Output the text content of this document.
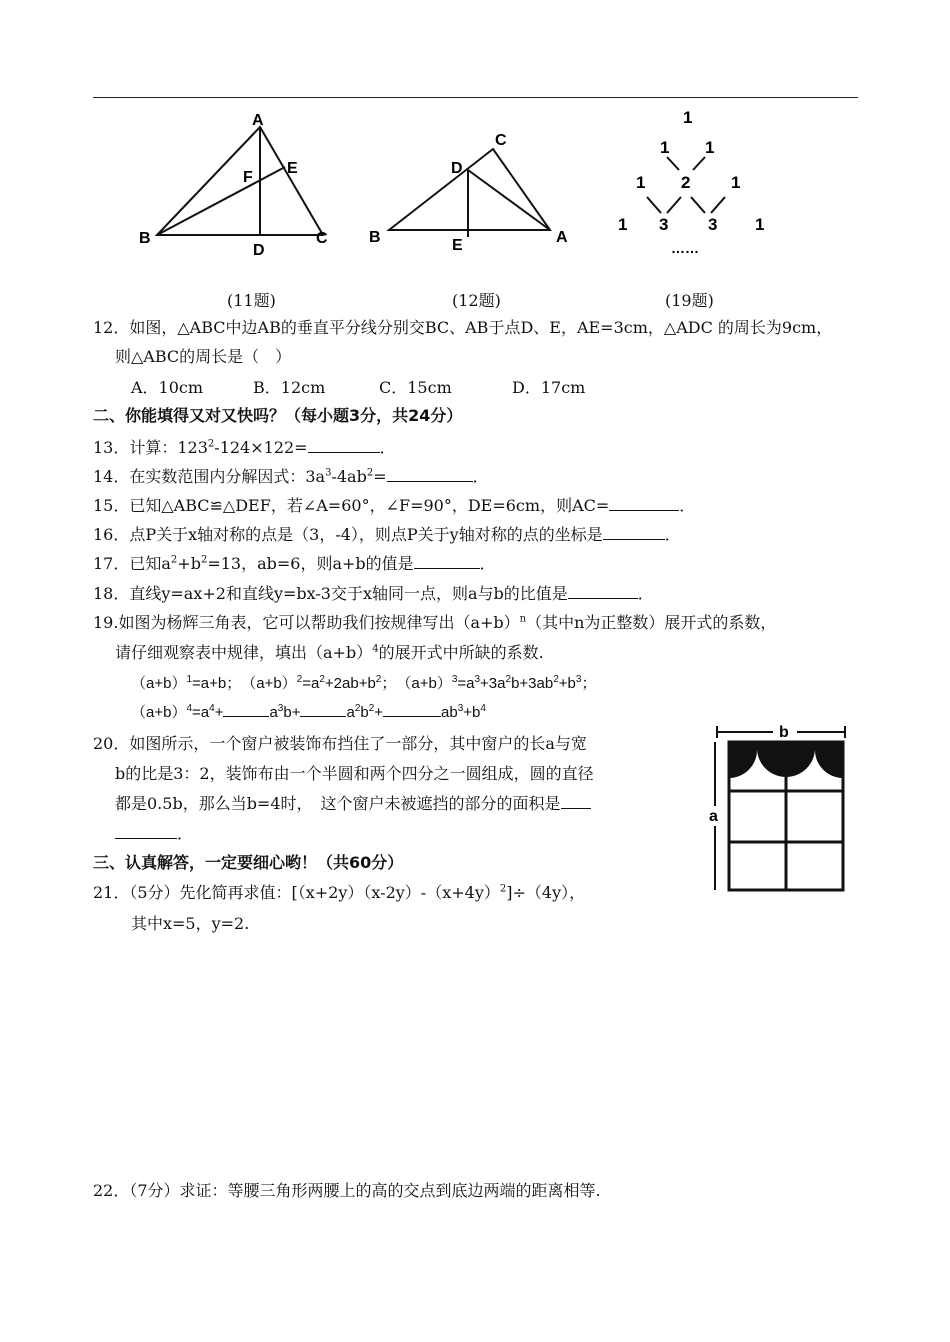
A
B	C
D
E
F
(11题)
C
D
B	E	A
(12题)
1
1 1
1 2 1
1 3 3 1
……
(19题)
12．如图，△ABC中边AB的垂直平分线分别交BC、AB于点D、E，AE=3cm，△ADC 的周长为9cm，
则△ABC的周长是（　）
A．10cm	B．12cm	C．15cm	D．17cm
二、你能填得又对又快吗？（每小题3分，共24分）
13．计算：$123^2-124\times 122=$	．
14．在实数范围内分解因式：$3a^3-4ab^2=$	．
15．已知△ABC≌△DEF，若∠A=60°，∠F=90°，DE=6cm，则AC=	．
16．点P关于x轴对称的点是（3，-4），则点P关于y轴对称的点的坐标是	．
17．已知$a^2+b^2=13$，ab=6，则a+b的值是	．
18．直线y=ax+2和直线y=bx-3交于x轴同一点，则a与b的比值是	．
19.如图为杨辉三角表，它可以帮助我们按规律写出$(a+b)^n$（其中n为正整数）展开式的系数，
请仔细观察表中规律，填出$(a+b)^4$的展开式中所缺的系数.
$(a+b)^1=a+b$；　$(a+b)^2=a^2+2ab+b^2$；　$(a+b)^3=a^3+3a^2b+3ab^2+b^3$；
$(a+b)^4=a^4+$	$a^3b+$	$a^2b^2+$	$ab^3+b^4$
20．如图所示，一个窗户被装饰布挡住了一部分，其中窗户的长a与宽
b的比是3：2，装饰布由一个半圆和两个四分之一圆组成，圆的直径
都是0.5b，那么当b=4时，　这个窗户未被遮挡的部分的面积是
．
b
a
三、认真解答，一定要细心哟！（共60分）
21．（5分）先化简再求值：$[(x+2y)(x-2y)-(x+4y)^2]\div(4y)$，
其中x=5，y=2.
22．（7分）求证：等腰三角形两腰上的高的交点到底边两端的距离相等.
